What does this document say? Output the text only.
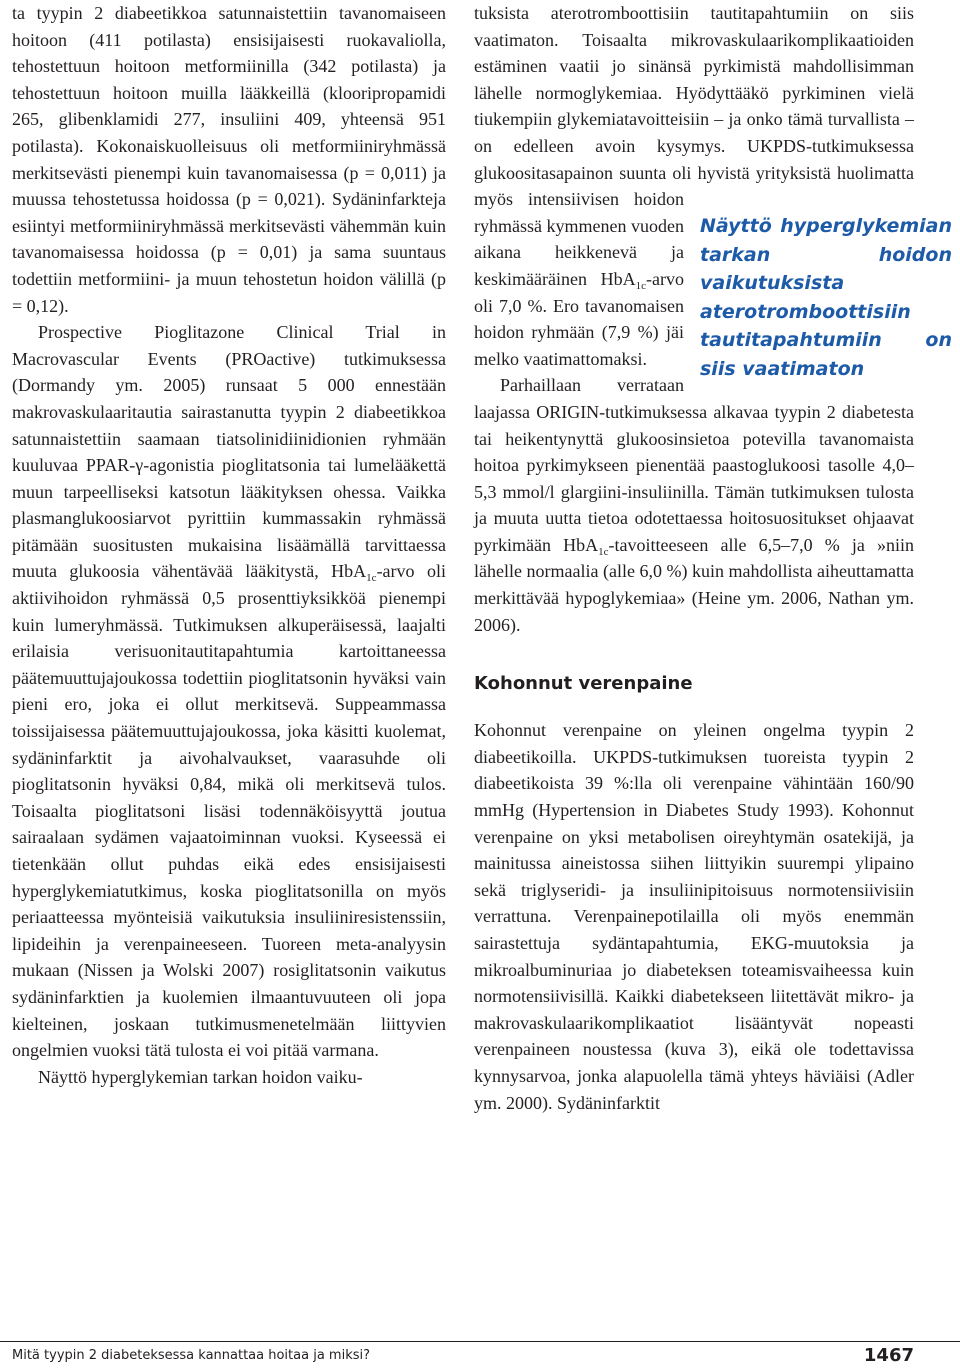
ta tyypin 2 diabeetikkoa satunnaistettiin tavanomaiseen hoitoon (411 potilasta) ensisijaisesti ruokavaliolla, tehostettuun hoitoon metformiinilla (342 potilasta) ja tehostettuun hoitoon muilla lääkkeillä (klooripropamidi 265, glibenklamidi 277, insuliini 409, yhteensä 951 potilasta). Kokonaiskuolleisuus oli metformiiniryhmässä merkitsevästi pienempi kuin tavanomaisessa (p = 0,011) ja muussa tehostetussa hoidossa (p = 0,021). Sydäninfarkteja esiintyi metformiiniryhmässä merkitsevästi vähemmän kuin tavanomaisessa hoidossa (p = 0,01) ja sama suuntaus todettiin metformiini- ja muun tehostetun hoidon välillä (p = 0,12).

Prospective Pioglitazone Clinical Trial in Macrovascular Events (PROactive) tutkimuksessa (Dormandy ym. 2005) runsaat 5 000 ennestään makrovaskulaaritautia sairastanutta tyypin 2 diabeetikkoa satunnaistettiin saamaan tiatsolinidiinidionien ryhmään kuuluvaa PPAR-γ-agonistia pioglitatsonia tai lumelääkettä muun tarpeelliseksi katsotun lääkityksen ohessa. Vaikka plasmanglukoosiarvot pyrittiin kummassakin ryhmässä pitämään suositusten mukaisina lisäämällä tarvittaessa muuta glukoosia vähentävää lääkitystä, HbA$_{1c}$-arvo oli aktiivihoidon ryhmässä 0,5 prosenttiyksikköä pienempi kuin lumeryhmässä. Tutkimuksen alkuperäisessä, laajalti erilaisia verisuonitautitapahtumia kartoittaneessa päätemuuttujajoukossa todettiin pioglitatsonin hyväksi vain pieni ero, joka ei ollut merkitsevä. Suppeammassa toissijaisessa päätemuuttujajoukossa, joka käsitti kuolemat, sydäninfarktit ja aivohalvaukset, vaarasuhde oli pioglitatsonin hyväksi 0,84, mikä oli merkitsevä tulos. Toisaalta pioglitatsoni lisäsi todennäköisyyttä joutua sairaalaan sydämen vajaatoiminnan vuoksi. Kyseessä ei tietenkään ollut puhdas eikä edes ensisijaisesti hyperglykemiatutkimus, koska pioglitatsonilla on myös periaatteessa myönteisiä vaikutuksia insuliiniresistenssiin, lipideihin ja verenpaineeseen. Tuoreen meta-analyysin mukaan (Nissen ja Wolski 2007) rosiglitatsonin vaikutus sydäninfarktien ja kuolemien ilmaantuvuuteen oli jopa kielteinen, joskaan tutkimusmenetelmään liittyvien ongelmien vuoksi tätä tulosta ei voi pitää varmana.

Näyttö hyperglykemian tarkan hoidon vaiku-

Näyttö hyperglykemian tarkan hoidon vaikutuksista aterotromboottisiin tautitapahtumiin on siis vaatimaton
tuksista aterotromboottisiin tautitapahtumiin on siis vaatimaton. Toisaalta mikrovaskulaarikomplikaatioiden estäminen vaatii jo sinänsä pyrkimistä mahdollisimman lähelle normoglykemiaa. Hyödyttääkö pyrkiminen vielä tiukempiin glykemiatavoitteisiin – ja onko tämä turvallista – on edelleen avoin kysymys. UKPDS-tutkimuksessa glukoositasapainon suunta oli hyvistä yrityksistä huolimatta myös intensiivisen hoidon ryhmässä kymmenen vuoden aikana heikkenevä ja keskimääräinen HbA$_{1c}$-arvo oli 7,0 %. Ero tavanomaisen hoidon ryhmään (7,9 %) jäi melko vaatimattomaksi.

Parhaillaan verrataan laajassa ORIGIN-tutkimuksessa alkavaa tyypin 2 diabetesta tai heikentynyttä glukoosinsietoa potevilla tavanomaista hoitoa pyrkimykseen pienentää paastoglukoosi tasolle 4,0–5,3 mmol/l glargiini-insuliinilla. Tämän tutkimuksen tulosta ja muuta uutta tietoa odotettaessa hoitosuositukset ohjaavat pyrkimään HbA$_{1c}$-tavoitteeseen alle 6,5–7,0 % ja »niin lähelle normaalia (alle 6,0 %) kuin mahdollista aiheuttamatta merkittävää hypoglykemiaa» (Heine ym. 2006, Nathan ym. 2006).

Kohonnut verenpaine

Kohonnut verenpaine on yleinen ongelma tyypin 2 diabeetikoilla. UKPDS-tutkimuksen tuoreista tyypin 2 diabeetikoista 39 %:lla oli verenpaine vähintään 160/90 mmHg (Hypertension in Diabetes Study 1993). Kohonnut verenpaine on yksi metabolisen oireyhtymän osatekijä, ja mainitussa aineistossa siihen liittyikin suurempi ylipaino sekä triglyseridi- ja insuliinipitoisuus normotensiivisiin verrattuna. Verenpainepotilailla oli myös enemmän sairastettuja sydäntapahtumia, EKG-muutoksia ja mikroalbuminuriaa jo diabeteksen toteamisvaiheessa kuin normotensiivisillä. Kaikki diabetekseen liitettävät mikro- ja makrovaskulaarikomplikaatiot lisääntyvät nopeasti verenpaineen noustessa (kuva 3), eikä ole todettavissa kynnysarvoa, jonka alapuolella tämä yhteys häviäisi (Adler ym. 2000). Sydäninfarktit

Mitä tyypin 2 diabeteksessa kannattaa hoitaa ja miksi?	1467
